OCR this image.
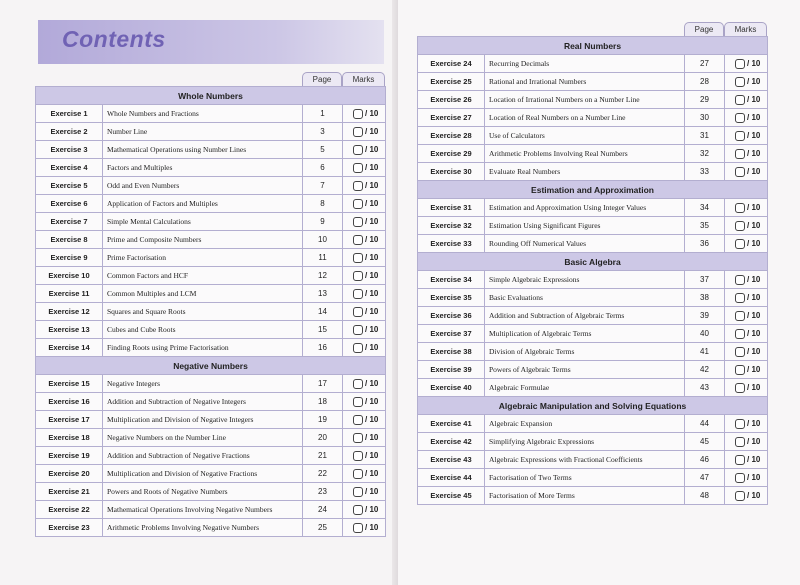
Contents
Page	Marks
Whole Numbers			
Exercise 1	Whole Numbers and Fractions	1	/ 10
Exercise 2	Number Line	3	/ 10
Exercise 3	Mathematical Operations using Number Lines	5	/ 10
Exercise 4	Factors and Multiples	6	/ 10
Exercise 5	Odd and Even Numbers	7	/ 10
Exercise 6	Application of Factors and Multiples	8	/ 10
Exercise 7	Simple Mental Calculations	9	/ 10
Exercise 8	Prime and Composite Numbers	10	/ 10
Exercise 9	Prime Factorisation	11	/ 10
Exercise 10	Common Factors and HCF	12	/ 10
Exercise 11	Common Multiples and LCM	13	/ 10
Exercise 12	Squares and Square Roots	14	/ 10
Exercise 13	Cubes and Cube Roots	15	/ 10
Exercise 14	Finding Roots using Prime Factorisation	16	/ 10
Negative Numbers			
Exercise 15	Negative Integers	17	/ 10
Exercise 16	Addition and Subtraction of Negative Integers	18	/ 10
Exercise 17	Multiplication and Division of Negative Integers	19	/ 10
Exercise 18	Negative Numbers on the Number Line	20	/ 10
Exercise 19	Addition and Subtraction of Negative Fractions	21	/ 10
Exercise 20	Multiplication and Division of Negative Fractions	22	/ 10
Exercise 21	Powers and Roots of Negative Numbers	23	/ 10
Exercise 22	Mathematical Operations Involving Negative Numbers	24	/ 10
Exercise 23	Arithmetic Problems Involving Negative Numbers	25	/ 10
Page	Marks
Real Numbers			
Exercise 24	Recurring Decimals	27	/ 10
Exercise 25	Rational and Irrational Numbers	28	/ 10
Exercise 26	Location of Irrational Numbers on a Number Line	29	/ 10
Exercise 27	Location of Real Numbers on a Number Line	30	/ 10
Exercise 28	Use of Calculators	31	/ 10
Exercise 29	Arithmetic Problems Involving Real Numbers	32	/ 10
Exercise 30	Evaluate Real Numbers	33	/ 10
Estimation and Approximation			
Exercise 31	Estimation and Approximation Using Integer Values	34	/ 10
Exercise 32	Estimation Using Significant Figures	35	/ 10
Exercise 33	Rounding Off Numerical Values	36	/ 10
Basic Algebra			
Exercise 34	Simple Algebraic Expressions	37	/ 10
Exercise 35	Basic Evaluations	38	/ 10
Exercise 36	Addition and Subtraction of Algebraic Terms	39	/ 10
Exercise 37	Multiplication of Algebraic Terms	40	/ 10
Exercise 38	Division of Algebraic Terms	41	/ 10
Exercise 39	Powers of Algebraic Terms	42	/ 10
Exercise 40	Algebraic Formulae	43	/ 10
Algebraic Manipulation and Solving Equations			
Exercise 41	Algebraic Expansion	44	/ 10
Exercise 42	Simplifying Algebraic Expressions	45	/ 10
Exercise 43	Algebraic Expressions with Fractional Coefficients	46	/ 10
Exercise 44	Factorisation of Two Terms	47	/ 10
Exercise 45	Factorisation of More Terms	48	/ 10
